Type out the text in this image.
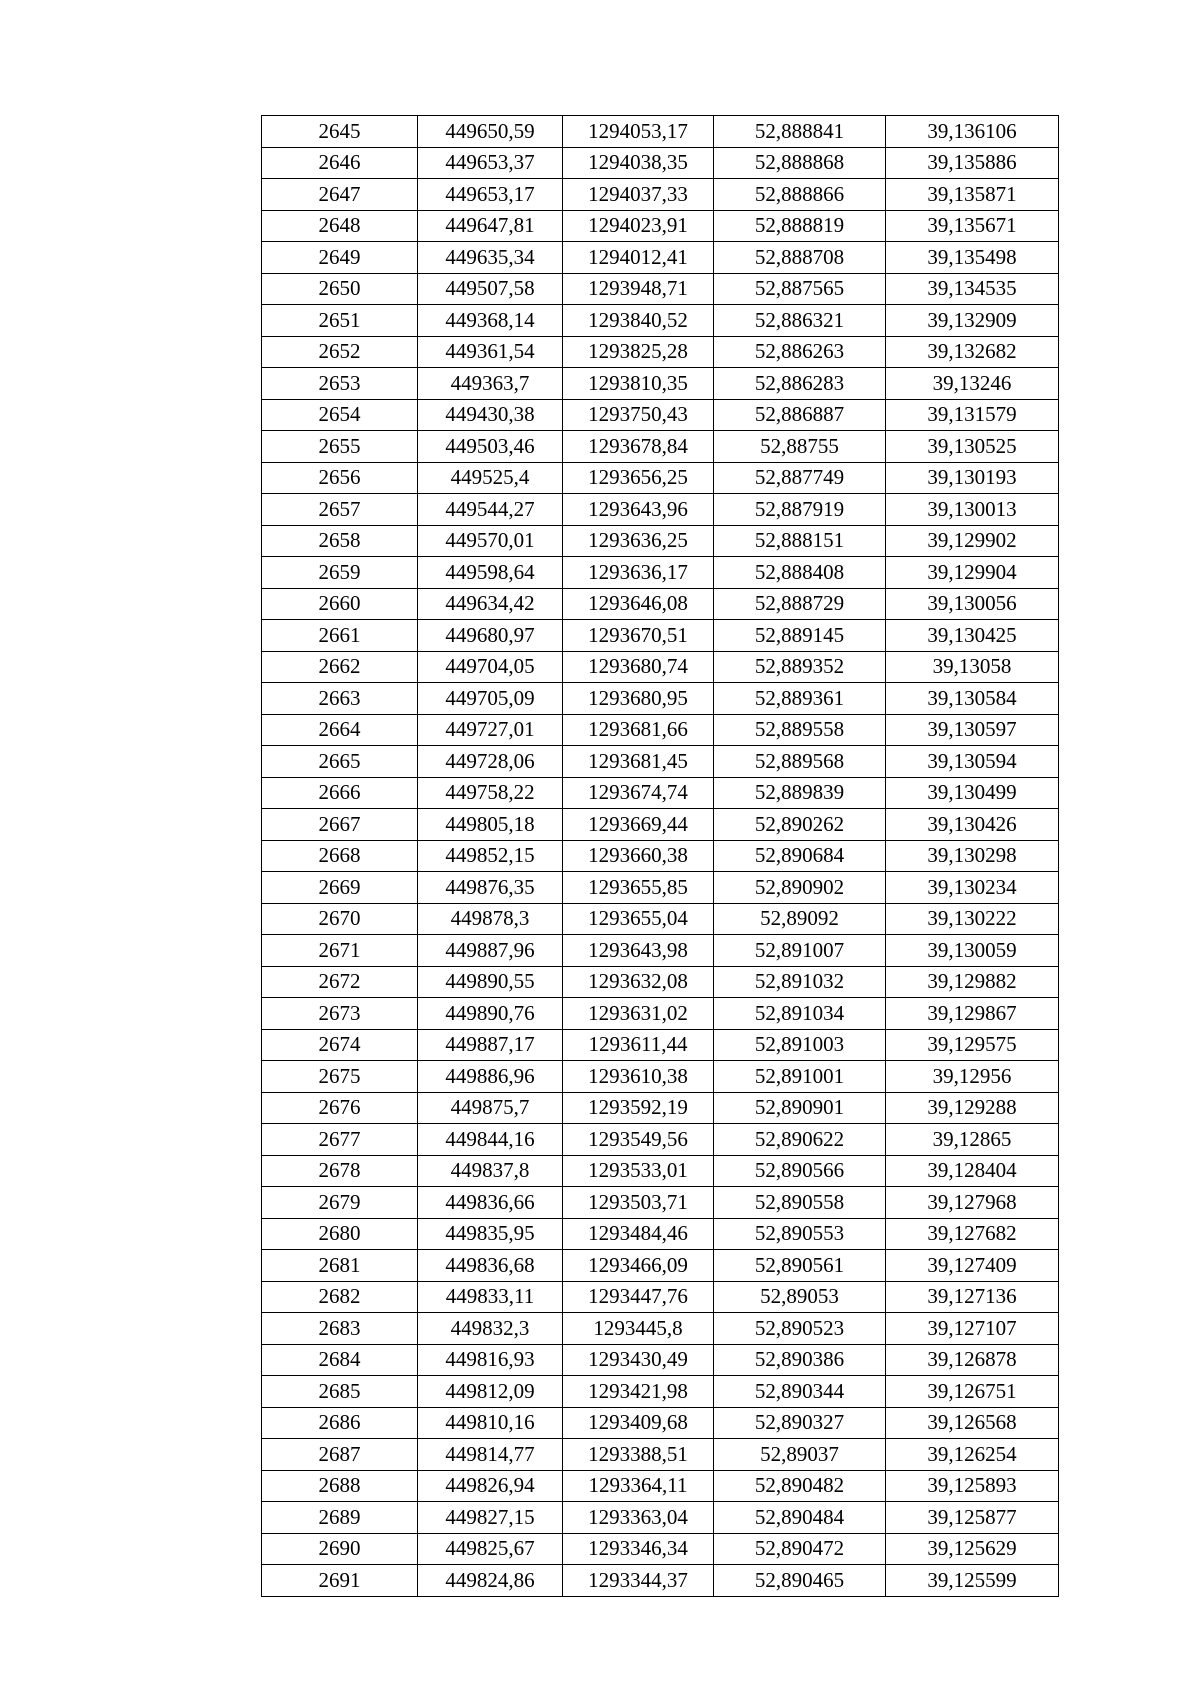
2645	449650,59	1294053,17	52,888841	39,136106
2646	449653,37	1294038,35	52,888868	39,135886
2647	449653,17	1294037,33	52,888866	39,135871
2648	449647,81	1294023,91	52,888819	39,135671
2649	449635,34	1294012,41	52,888708	39,135498
2650	449507,58	1293948,71	52,887565	39,134535
2651	449368,14	1293840,52	52,886321	39,132909
2652	449361,54	1293825,28	52,886263	39,132682
2653	449363,7	1293810,35	52,886283	39,13246
2654	449430,38	1293750,43	52,886887	39,131579
2655	449503,46	1293678,84	52,88755	39,130525
2656	449525,4	1293656,25	52,887749	39,130193
2657	449544,27	1293643,96	52,887919	39,130013
2658	449570,01	1293636,25	52,888151	39,129902
2659	449598,64	1293636,17	52,888408	39,129904
2660	449634,42	1293646,08	52,888729	39,130056
2661	449680,97	1293670,51	52,889145	39,130425
2662	449704,05	1293680,74	52,889352	39,13058
2663	449705,09	1293680,95	52,889361	39,130584
2664	449727,01	1293681,66	52,889558	39,130597
2665	449728,06	1293681,45	52,889568	39,130594
2666	449758,22	1293674,74	52,889839	39,130499
2667	449805,18	1293669,44	52,890262	39,130426
2668	449852,15	1293660,38	52,890684	39,130298
2669	449876,35	1293655,85	52,890902	39,130234
2670	449878,3	1293655,04	52,89092	39,130222
2671	449887,96	1293643,98	52,891007	39,130059
2672	449890,55	1293632,08	52,891032	39,129882
2673	449890,76	1293631,02	52,891034	39,129867
2674	449887,17	1293611,44	52,891003	39,129575
2675	449886,96	1293610,38	52,891001	39,12956
2676	449875,7	1293592,19	52,890901	39,129288
2677	449844,16	1293549,56	52,890622	39,12865
2678	449837,8	1293533,01	52,890566	39,128404
2679	449836,66	1293503,71	52,890558	39,127968
2680	449835,95	1293484,46	52,890553	39,127682
2681	449836,68	1293466,09	52,890561	39,127409
2682	449833,11	1293447,76	52,89053	39,127136
2683	449832,3	1293445,8	52,890523	39,127107
2684	449816,93	1293430,49	52,890386	39,126878
2685	449812,09	1293421,98	52,890344	39,126751
2686	449810,16	1293409,68	52,890327	39,126568
2687	449814,77	1293388,51	52,89037	39,126254
2688	449826,94	1293364,11	52,890482	39,125893
2689	449827,15	1293363,04	52,890484	39,125877
2690	449825,67	1293346,34	52,890472	39,125629
2691	449824,86	1293344,37	52,890465	39,125599
